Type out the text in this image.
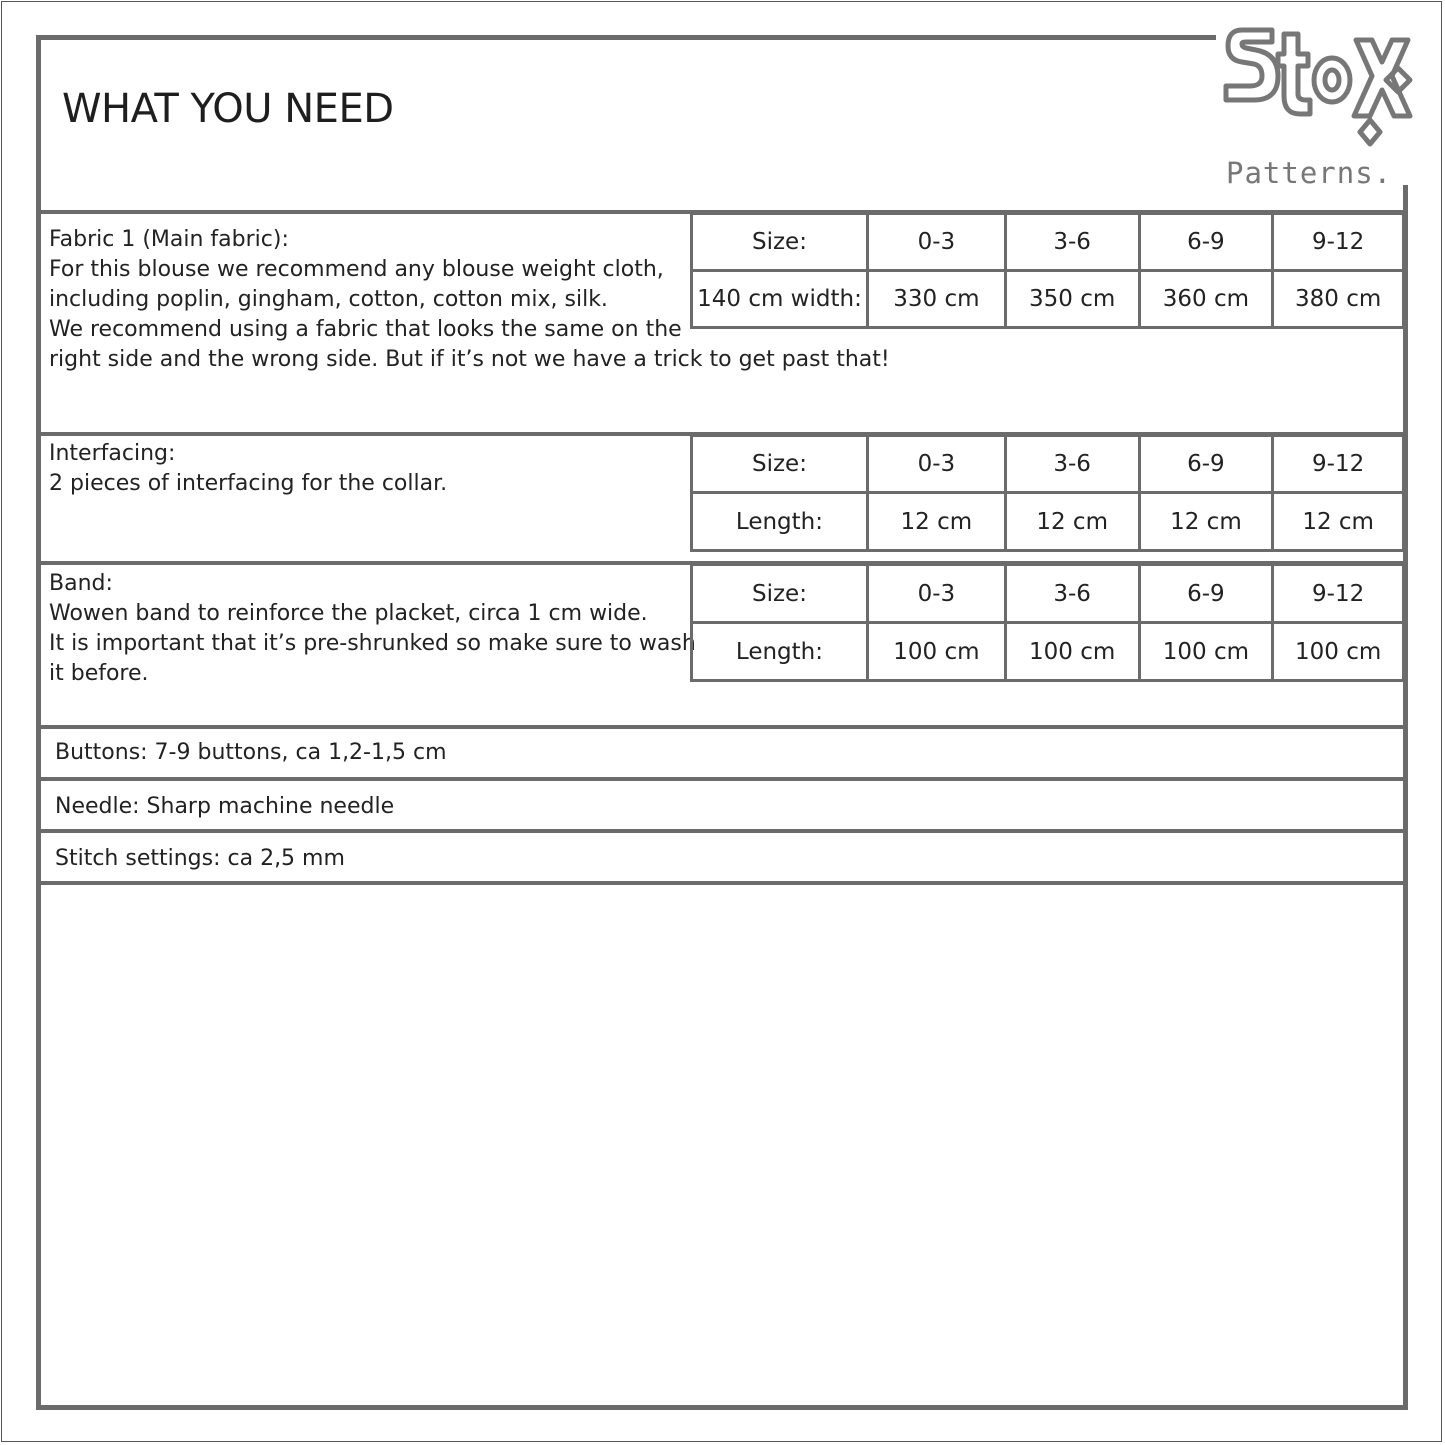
WHAT YOU NEED
Patterns.
Fabric 1 (Main fabric):
For this blouse we recommend any blouse weight cloth,
including poplin, gingham, cotton, cotton mix, silk.
We recommend using a fabric that looks the same on the
right side and the wrong side. But if it’s not we have a trick to get past that!
Size:	0-3	3-6	6-9	9-12
140 cm width:	330 cm	350 cm	360 cm	380 cm
Interfacing:
2 pieces of interfacing for the collar.
Size:	0-3	3-6	6-9	9-12
Length:	12 cm	12 cm	12 cm	12 cm
Band:
Wowen band to reinforce the placket, circa 1 cm wide.
It is important that it’s pre-shrunked so make sure to wash
it before.
Size:	0-3	3-6	6-9	9-12
Length:	100 cm	100 cm	100 cm	100 cm
Buttons: 7-9 buttons, ca 1,2-1,5 cm
Needle: Sharp machine needle
Stitch settings: ca 2,5 mm
